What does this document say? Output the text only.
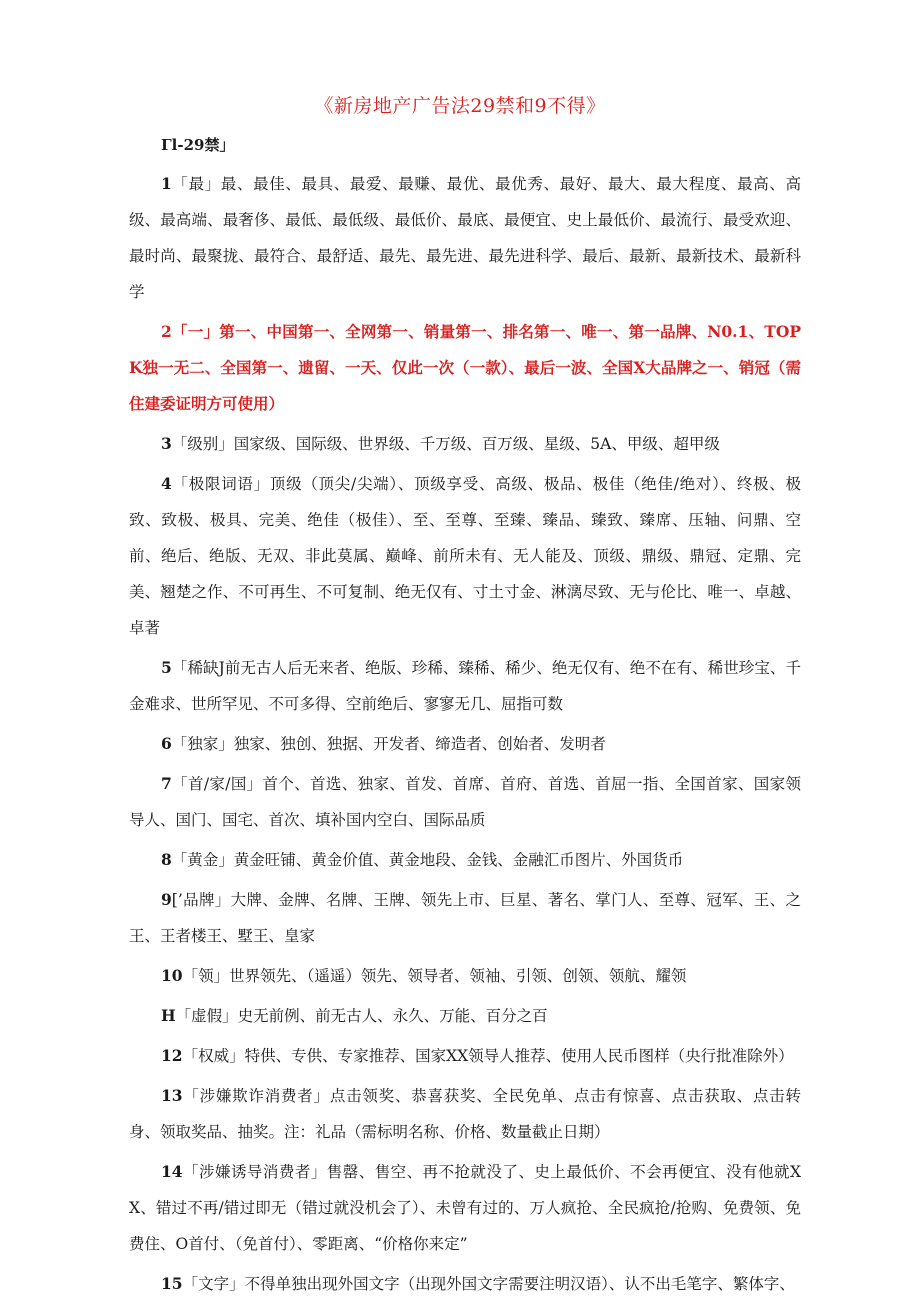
《新房地产广告法29禁和9不得》
Γl-29禁」

1「最」最、最佳、最具、最爱、最赚、最优、最优秀、最好、最大、最大程度、最高、高级、最高端、最奢侈、最低、最低级、最低价、最底、最便宜、史上最低价、最流行、最受欢迎、最时尚、最聚拢、最符合、最舒适、最先、最先进、最先进科学、最后、最新、最新技术、最新科学

2「一」第一、中国第一、全网第一、销量第一、排名第一、唯一、第一品牌、N0.1、TOPK独一无二、全国第一、遗留、一天、仅此一次（一款）、最后一波、全国X大品牌之一、销冠（需住建委证明方可使用）

3「级别」国家级、国际级、世界级、千万级、百万级、星级、5A、甲级、超甲级

4「极限词语」顶级（顶尖/尖端）、顶级享受、高级、极品、极佳（绝佳/绝对）、终极、极致、致极、极具、完美、绝佳（极佳）、至、至尊、至臻、臻品、臻致、臻席、压轴、问鼎、空前、绝后、绝版、无双、非此莫属、巅峰、前所未有、无人能及、顶级、鼎级、鼎冠、定鼎、完美、翘楚之作、不可再生、不可复制、绝无仅有、寸土寸金、淋漓尽致、无与伦比、唯一、卓越、卓著

5「稀缺J前无古人后无来者、绝版、珍稀、臻稀、稀少、绝无仅有、绝不在有、稀世珍宝、千金难求、世所罕见、不可多得、空前绝后、寥寥无几、屈指可数

6「独家」独家、独创、独据、开发者、缔造者、创始者、发明者

7「首/家/国」首个、首选、独家、首发、首席、首府、首选、首屈一指、全国首家、国家领导人、国门、国宅、首次、填补国内空白、国际品质

8「黄金」黄金旺铺、黄金价值、黄金地段、金钱、金融汇币图片、外国货币

9[’品牌」大牌、金牌、名牌、王牌、领先上市、巨星、著名、掌门人、至尊、冠军、王、之王、王者楼王、墅王、皇家

10「领」世界领先、（遥遥）领先、领导者、领袖、引领、创领、领航、耀领

H「虚假」史无前例、前无古人、永久、万能、百分之百

12「权威」特供、专供、专家推荐、国家XX领导人推荐、使用人民币图样（央行批准除外）

13「涉嫌欺诈消费者」点击领奖、恭喜获奖、全民免单、点击有惊喜、点击获取、点击转身、领取奖品、抽奖。注：礼品（需标明名称、价格、数量截止日期）

14「涉嫌诱导消费者」售罄、售空、再不抢就没了、史上最低价、不会再便宜、没有他就XX、错过不再/错过即无（错过就没机会了）、未曾有过的、万人疯抢、全民疯抢/抢购、免费领、免费住、O首付、（免首付）、零距离、“价格你来定”

15「文字」不得单独出现外国文字（出现外国文字需要注明汉语）、认不出毛笔字、繁体字、
